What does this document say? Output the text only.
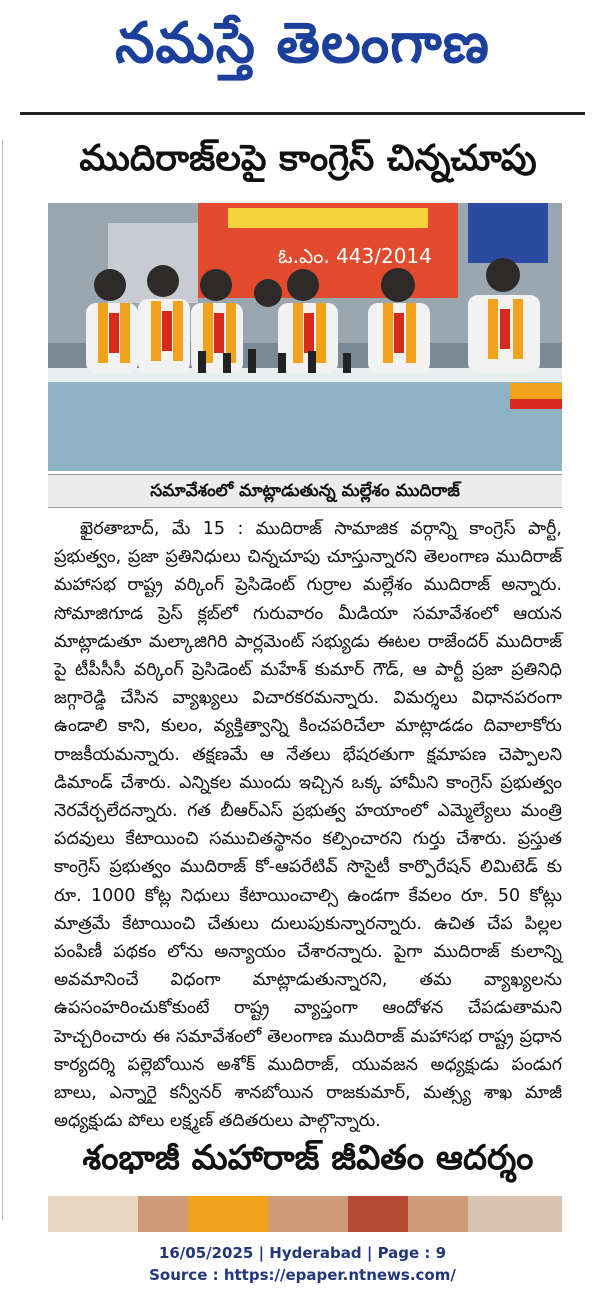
నమస్తే తెలంగాణ
ముదిరాజ్‌లపై కాంగ్రెస్ చిన్నచూపు
ఓ.ఎం. 443/2014
సమావేశంలో మాట్లాడుతున్న మల్లేశం ముదిరాజ్

ఖైరతాబాద్, మే 15 : ముదిరాజ్ సామాజిక వర్గాన్ని కాంగ్రెస్ పార్టీ, ప్రభుత్వం, ప్రజా ప్రతినిధులు చిన్నచూపు చూస్తున్నారని తెలంగాణ ముదిరాజ్ మహాసభ రాష్ట్ర వర్కింగ్ ప్రెసిడెంట్ గుర్రాల మల్లేశం ముదిరాజ్ అన్నారు. సోమాజిగూడ ప్రెస్ క్లబ్‌లో గురువారం మీడియా సమావేశంలో ఆయన మాట్లాడుతూ మల్కాజిగిరి పార్లమెంట్ సభ్యుడు ఈటల రాజేందర్ ముదిరాజ్ పై టీపీసీసీ వర్కింగ్ ప్రెసిడెంట్ మహేశ్ కుమార్ గౌడ్, ఆ పార్టీ ప్రజా ప్రతినిధి జగ్గారెడ్డి చేసిన వ్యాఖ్యలు విచారకరమన్నారు. విమర్శలు విధానపరంగా ఉండాలి కాని, కులం, వ్యక్తిత్వాన్ని కించపరిచేలా మాట్లాడడం దివాలాకోరు రాజకీయమన్నారు. తక్షణమే ఆ నేతలు భేషరతుగా క్షమాపణ చెప్పాలని డిమాండ్ చేశారు. ఎన్నికల ముందు ఇచ్చిన ఒక్క హామీని కాంగ్రెస్ ప్రభుత్వం నెరవేర్చలేదన్నారు. గత బీఆర్ఎస్ ప్రభుత్వ హయాంలో ఎమ్మెల్యేలు మంత్రి పదవులు కేటాయించి సముచితస్థానం కల్పించారని గుర్తు చేశారు. ప్రస్తుత కాంగ్రెస్ ప్రభుత్వం ముదిరాజ్ కో-ఆపరేటివ్ సొసైటీ కార్పొరేషన్ లిమిటెడ్ కు రూ. 1000 కోట్ల నిధులు కేటాయించాల్సి ఉండగా కేవలం రూ. 50 కోట్లు మాత్రమే కేటాయించి చేతులు దులుపుకున్నారన్నారు. ఉచిత చేప పిల్లల పంపిణీ పథకం లోను అన్యాయం చేశారన్నారు. పైగా ముదిరాజ్ కులాన్ని అవమానించే విధంగా మాట్లాడుతున్నారని, తమ వ్యాఖ్యలను ఉపసంహరించుకోకుంటే రాష్ట్ర వ్యాప్తంగా ఆందోళన చేపడుతామని హెచ్చరించారు ఈ సమావేశంలో తెలంగాణ ముదిరాజ్ మహాసభ రాష్ట్ర ప్రధాన కార్యదర్శి పల్లెబోయిన అశోక్ ముదిరాజ్, యువజన అధ్యక్షుడు పండుగ బాలు, ఎన్నారై కన్వీనర్ శానబోయిన రాజకుమార్, మత్స్య శాఖ మాజీ అధ్యక్షుడు పోలు లక్ష్మణ్ తదితరులు పాల్గొన్నారు.

శంభాజీ మహారాజ్ జీవితం ఆదర్శం
16/05/2025 | Hyderabad | Page : 9
Source : https://epaper.ntnews.com/
